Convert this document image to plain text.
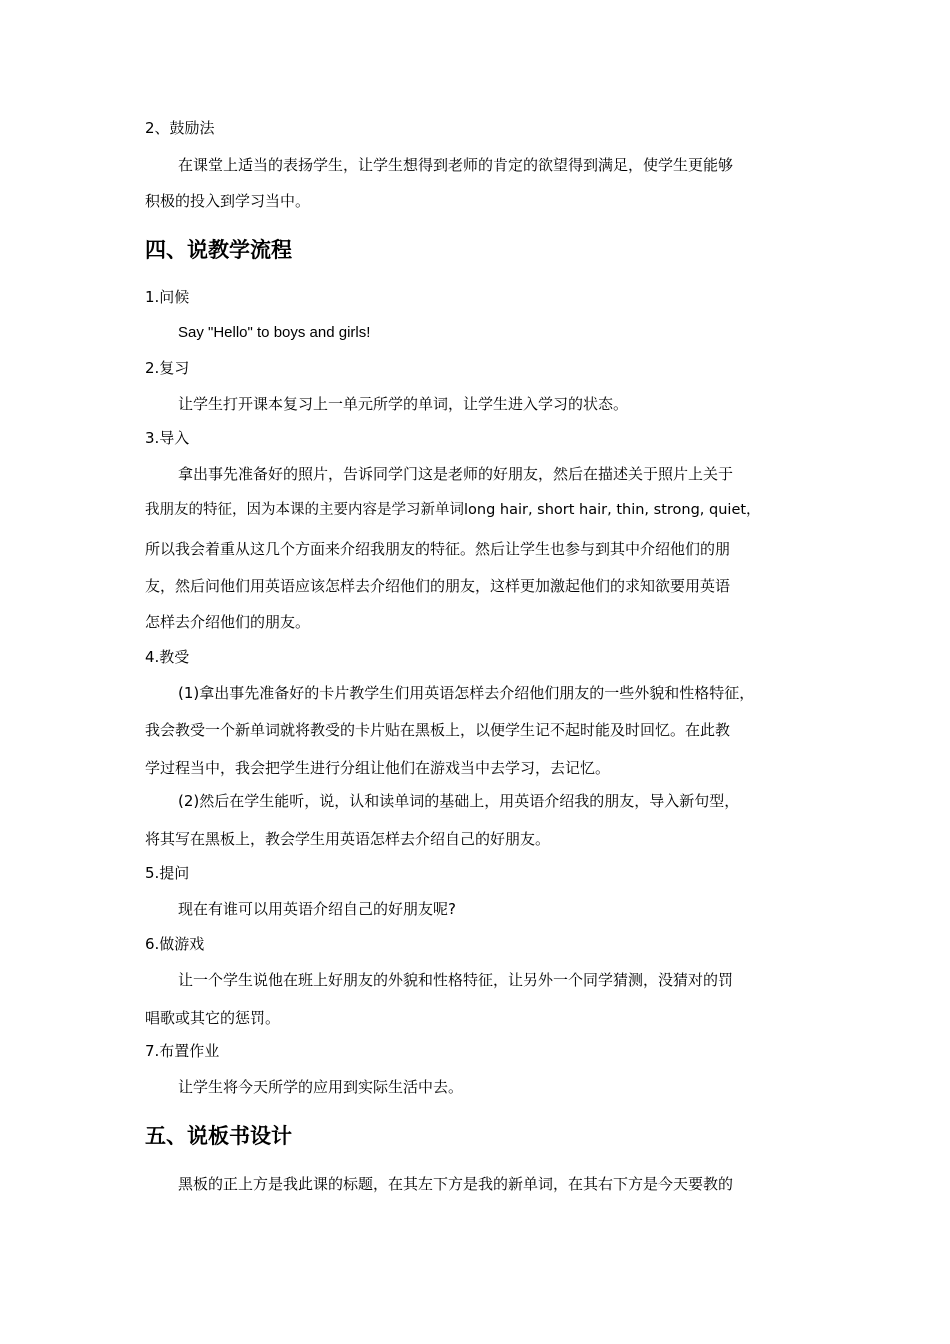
2、鼓励法
在课堂上适当的表扬学生，让学生想得到老师的肯定的欲望得到满足，使学生更能够
积极的投入到学习当中。
四、说教学流程
1.问候
Say "Hello" to boys and girls!
2.复习
让学生打开课本复习上一单元所学的单词，让学生进入学习的状态。
3.导入
拿出事先准备好的照片，告诉同学门这是老师的好朋友，然后在描述关于照片上关于
我朋友的特征，因为本课的主要内容是学习新单词long hair, short hair, thin, strong, quiet，
所以我会着重从这几个方面来介绍我朋友的特征。然后让学生也参与到其中介绍他们的朋
友，然后问他们用英语应该怎样去介绍他们的朋友，这样更加激起他们的求知欲要用英语
怎样去介绍他们的朋友。
4.教受
(1)拿出事先准备好的卡片教学生们用英语怎样去介绍他们朋友的一些外貌和性格特征，
我会教受一个新单词就将教受的卡片贴在黑板上，以便学生记不起时能及时回忆。在此教
学过程当中，我会把学生进行分组让他们在游戏当中去学习，去记忆。
(2)然后在学生能听，说，认和读单词的基础上，用英语介绍我的朋友，导入新句型，
将其写在黑板上，教会学生用英语怎样去介绍自己的好朋友。
5.提问
现在有谁可以用英语介绍自己的好朋友呢?
6.做游戏
让一个学生说他在班上好朋友的外貌和性格特征，让另外一个同学猜测，没猜对的罚
唱歌或其它的惩罚。
7.布置作业
让学生将今天所学的应用到实际生活中去。
五、说板书设计
黑板的正上方是我此课的标题，在其左下方是我的新单词，在其右下方是今天要教的
